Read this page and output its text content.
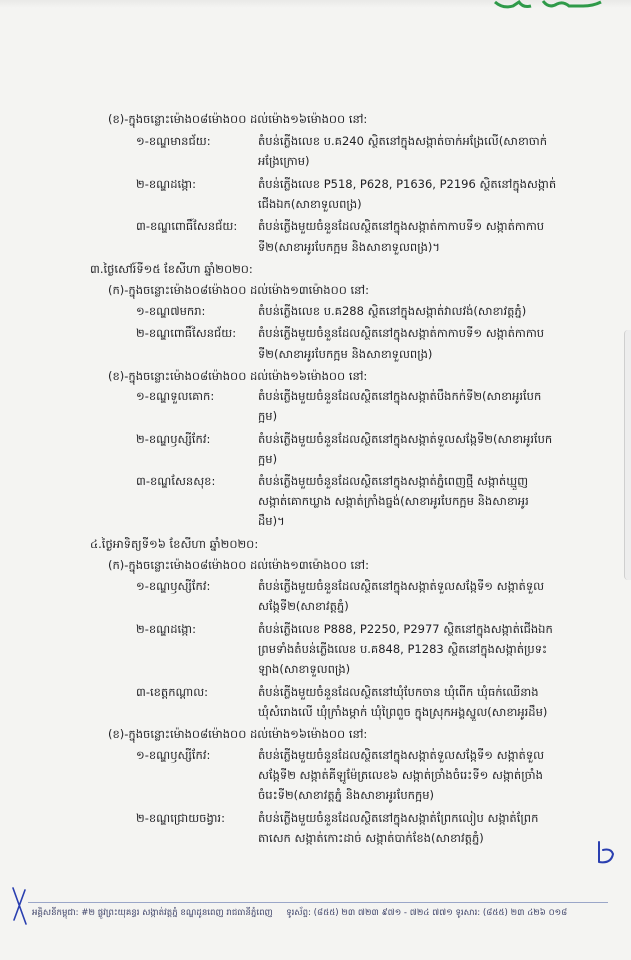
(ខ)-ក្នុងចន្លោះម៉ោង០៨ម៉ោង០០ ដល់ម៉ោង១៦ម៉ោង០០ នៅ:
១-ខណ្ឌមានជ័យ:	តំបន់ភ្លើងលេខ ប.គ240 ស្ថិតនៅក្នុងសង្កាត់ចាក់អង្រែលើ(សាខាចាក់
អង្រែក្រោម)
២-ខណ្ឌដង្កោ:	តំបន់ភ្លើងលេខ P518, P628, P1636, P2196 ស្ថិតនៅក្នុងសង្កាត់
ជើងឯក(សាខាទួលពង្រ)
៣-ខណ្ឌពោធិ៍សែនជ័យ: តំបន់ភ្លើងមួយចំនួនដែលស្ថិតនៅក្នុងសង្កាត់កាកាបទី១ សង្កាត់កាកាប
ទី២(សាខាអូរបែកក្អម និងសាខាទួលពង្រ)។
៣.ថ្ងៃសៅរ៍ទី១៥ ខែសីហា ឆ្នាំ២០២០:
(ក)-ក្នុងចន្លោះម៉ោង០៨ម៉ោង០០ ដល់ម៉ោង១៣ម៉ោង០០ នៅ:
១-ខណ្ឌ៧មករា:	តំបន់ភ្លើងលេខ ប.គ288 ស្ថិតនៅក្នុងសង្កាត់វាលវង់(សាខាវត្តភ្នំ)
២-ខណ្ឌពោធិ៍សែនជ័យ: តំបន់ភ្លើងមួយចំនួនដែលស្ថិតនៅក្នុងសង្កាត់កាកាបទី១ សង្កាត់កាកាប
ទី២(សាខាអូរបែកក្អម និងសាខាទួលពង្រ)
(ខ)-ក្នុងចន្លោះម៉ោង០៨ម៉ោង០០ ដល់ម៉ោង១៦ម៉ោង០០ នៅ:
១-ខណ្ឌទួលគោក:	តំបន់ភ្លើងមួយចំនួនដែលស្ថិតនៅក្នុងសង្កាត់បឹងកក់ទី២(សាខាអូរបែក
ក្អម)
២-ខណ្ឌឫស្សីកែវ:	តំបន់ភ្លើងមួយចំនួនដែលស្ថិតនៅក្នុងសង្កាត់ទួលសង្កែទី២(សាខាអូរបែក
ក្អម)
៣-ខណ្ឌសែនសុខ:	តំបន់ភ្លើងមួយចំនួនដែលស្ថិតនៅក្នុងសង្កាត់ភ្នំពេញថ្មី សង្កាត់ឃ្មួញ
សង្កាត់គោកឃ្លាង សង្កាត់ក្រាំងធ្នង់(សាខាអូរបែកក្អម និងសាខាអូរ
ដឹម)។
៤.ថ្ងៃអាទិត្យទី១៦ ខែសីហា ឆ្នាំ២០២០:
(ក)-ក្នុងចន្លោះម៉ោង០៨ម៉ោង០០ ដល់ម៉ោង១៣ម៉ោង០០ នៅ:
១-ខណ្ឌឫស្សីកែវ:	តំបន់ភ្លើងមួយចំនួនដែលស្ថិតនៅក្នុងសង្កាត់ទួលសង្កែទី១ សង្កាត់ទួល
សង្កែទី២(សាខាវត្តភ្នំ)
២-ខណ្ឌដង្កោ:	តំបន់ភ្លើងលេខ P888, P2250, P2977 ស្ថិតនៅក្នុងសង្កាត់ជើងឯក
ព្រមទាំងតំបន់ភ្លើងលេខ ប.គ848, P1283 ស្ថិតនៅក្នុងសង្កាត់ប្រទះ
ឡាង(សាខាទួលពង្រ)
៣-ខេត្តកណ្ដាល:	តំបន់ភ្លើងមួយចំនួនដែលស្ថិតនៅឃុំបែកចាន ឃុំពើក ឃុំធក់ឈើនាង
ឃុំសំរោងលើ ឃុំក្រាំងម្កាក់ ឃុំព្រៃពួច ក្នុងស្រុកអង្គស្នួល(សាខាអូរដឹម)
(ខ)-ក្នុងចន្លោះម៉ោង០៨ម៉ោង០០ ដល់ម៉ោង១៦ម៉ោង០០ នៅ:
១-ខណ្ឌឫស្សីកែវ:	តំបន់ភ្លើងមួយចំនួនដែលស្ថិតនៅក្នុងសង្កាត់ទួលសង្កែទី១ សង្កាត់ទួល
សង្កែទី២ សង្កាត់គីឡូម៉ែត្រលេខ៦ សង្កាត់ច្រាំងចំរេះទី១ សង្កាត់ច្រាំង
ចំរេះទី២(សាខាវត្តភ្នំ និងសាខាអូរបែកក្អម)
២-ខណ្ឌជ្រោយចង្វារ:	តំបន់ភ្លើងមួយចំនួនដែលស្ថិតនៅក្នុងសង្កាត់ព្រែកលៀប សង្កាត់ព្រែក
តាសេក សង្កាត់កោះដាច់ សង្កាត់បាក់ខែង(សាខាវត្តភ្នំ)
អគ្គិសនីកម្ពុជា: #២ ផ្លូវព្រះយុគន្ធរ សង្កាត់វត្តភ្នំ ខណ្ឌដូនពេញ រាជធានីភ្នំពេញ ទូរស័ព្ទ: (៨៥៥) ២៣ ៧២៣ ៩៧១ - ៧២៤ ៧៧១ ទូរសារ: (៨៥៥) ២៣ ៤២៦ ០១៨
